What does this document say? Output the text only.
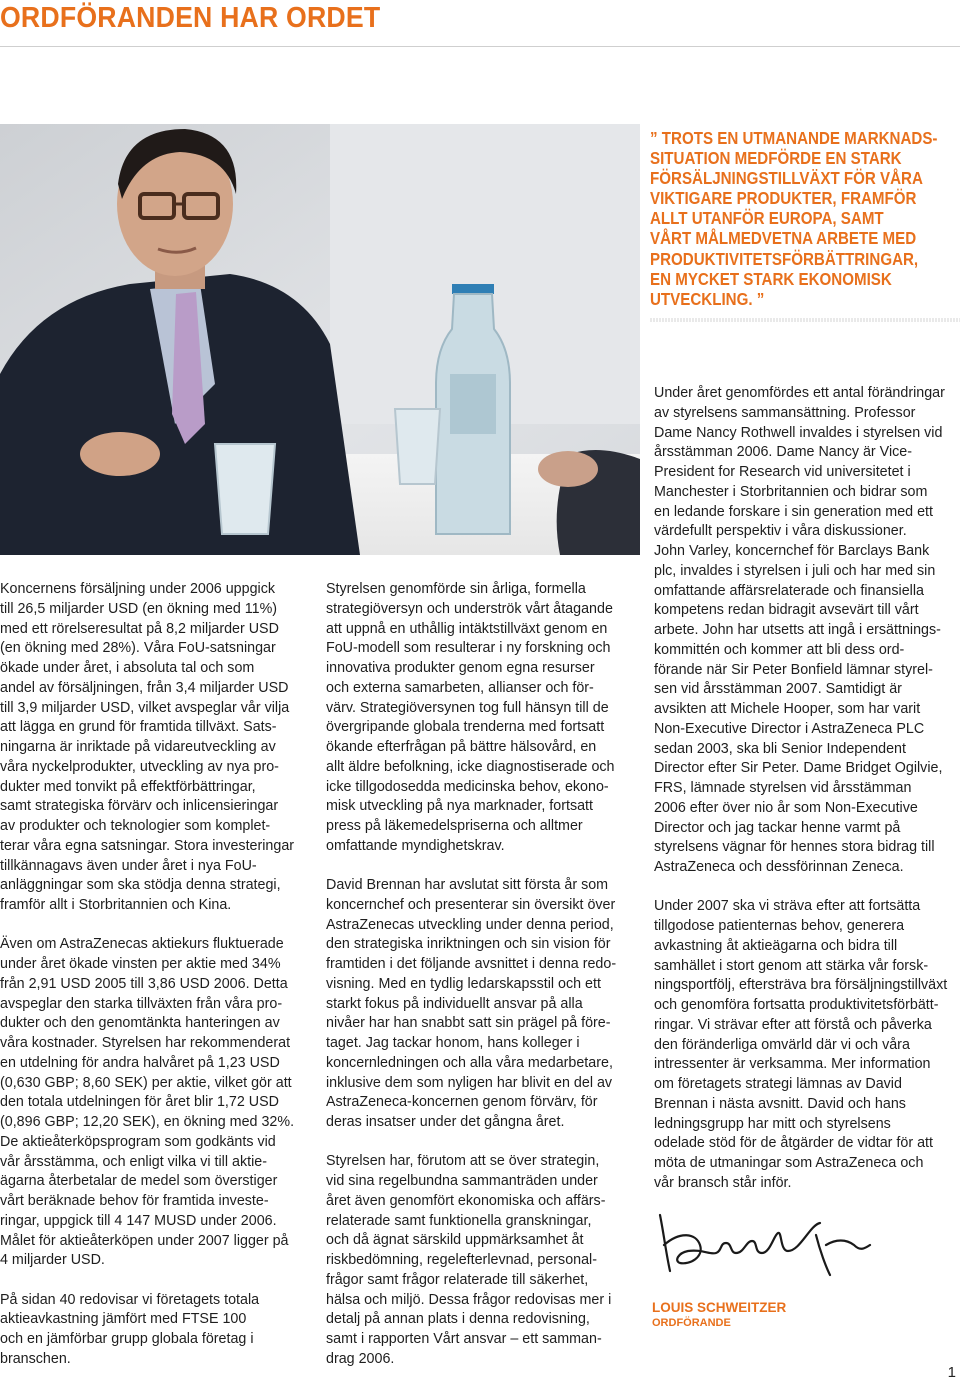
ORDFÖRANDEN HAR ORDET
” TROTS EN UTMANANDE MARKNADS-
SITUATION MEDFÖRDE EN STARK
FÖRSÄLJNINGSTILLVÄXT FÖR VÅRA
VIKTIGARE PRODUKTER, FRAMFÖR
ALLT UTANFÖR EUROPA, SAMT
VÅRT MÅLMEDVETNA ARBETE MED
PRODUKTIVITETSFÖRBÄTTRINGAR,
EN MYCKET STARK EKONOMISK
UTVECKLING. ”

Koncernens försäljning under 2006 uppgick
till 26,5 miljarder USD (en ökning med 11%)
med ett rörelseresultat på 8,2 miljarder USD
(en ökning med 28%). Våra FoU-satsningar
ökade under året, i absoluta tal och som
andel av försäljningen, från 3,4 miljarder USD
till 3,9 miljarder USD, vilket avspeglar vår vilja
att lägga en grund för framtida tillväxt. Sats-
ningarna är inriktade på vidareutveckling av
våra nyckelprodukter, utveckling av nya pro-
dukter med tonvikt på effektförbättringar,
samt strategiska förvärv och inlicensieringar
av produkter och teknologier som komplet-
terar våra egna satsningar. Stora investeringar
tillkännagavs även under året i nya FoU-
anläggningar som ska stödja denna strategi,
framför allt i Storbritannien och Kina.

Även om AstraZenecas aktiekurs fluktuerade
under året ökade vinsten per aktie med 34%
från 2,91 USD 2005 till 3,86 USD 2006. Detta
avspeglar den starka tillväxten från våra pro-
dukter och den genomtänkta hanteringen av
våra kostnader. Styrelsen har rekommenderat
en utdelning för andra halvåret på 1,23 USD
(0,630 GBP; 8,60 SEK) per aktie, vilket gör att
den totala utdelningen för året blir 1,72 USD
(0,896 GBP; 12,20 SEK), en ökning med 32%.
De aktieåterköpsprogram som godkänts vid
vår årsstämma, och enligt vilka vi till aktie-
ägarna återbetalar de medel som överstiger
vårt beräknade behov för framtida investe-
ringar, uppgick till 4 147 MUSD under 2006.
Målet för aktieåterköpen under 2007 ligger på
4 miljarder USD.

På sidan 40 redovisar vi företagets totala
aktieavkastning jämfört med FTSE 100
och en jämförbar grupp globala företag i
branschen.

Styrelsen genomförde sin årliga, formella
strategiöversyn och underströk vårt åtagande
att uppnå en uthållig intäktstillväxt genom en
FoU-modell som resulterar i ny forskning och
innovativa produkter genom egna resurser
och externa samarbeten, allianser och för-
värv. Strategiöversynen tog full hänsyn till de
övergripande globala trenderna med fortsatt
ökande efterfrågan på bättre hälsovård, en
allt äldre befolkning, icke diagnostiserade och
icke tillgodosedda medicinska behov, ekono-
misk utveckling på nya marknader, fortsatt
press på läkemedelspriserna och alltmer
omfattande myndighetskrav.

David Brennan har avslutat sitt första år som
koncernchef och presenterar sin översikt över
AstraZenecas utveckling under denna period,
den strategiska inriktningen och sin vision för
framtiden i det följande avsnittet i denna redo-
visning. Med en tydlig ledarskapsstil och ett
starkt fokus på individuellt ansvar på alla
nivåer har han snabbt satt sin prägel på före-
taget. Jag tackar honom, hans kolleger i
koncernledningen och alla våra medarbetare,
inklusive dem som nyligen har blivit en del av
AstraZeneca-koncernen genom förvärv, för
deras insatser under det gångna året.

Styrelsen har, förutom att se över strategin,
vid sina regelbundna sammanträden under
året även genomfört ekonomiska och affärs-
relaterade samt funktionella granskningar,
och då ägnat särskild uppmärksamhet åt
riskbedömning, regelefterlevnad, personal-
frågor samt frågor relaterade till säkerhet,
hälsa och miljö. Dessa frågor redovisas mer i
detalj på annan plats i denna redovisning,
samt i rapporten Vårt ansvar – ett samman-
drag 2006.

Under året genomfördes ett antal förändringar
av styrelsens sammansättning. Professor
Dame Nancy Rothwell invaldes i styrelsen vid
årsstämman 2006. Dame Nancy är Vice-
President for Research vid universitetet i
Manchester i Storbritannien och bidrar som
en ledande forskare i sin generation med ett
värdefullt perspektiv i våra diskussioner.
John Varley, koncernchef för Barclays Bank
plc, invaldes i styrelsen i juli och har med sin
omfattande affärsrelaterade och finansiella
kompetens redan bidragit avsevärt till vårt
arbete. John har utsetts att ingå i ersättnings-
kommittén och kommer att bli dess ord-
förande när Sir Peter Bonfield lämnar styrel-
sen vid årsstämman 2007. Samtidigt är
avsikten att Michele Hooper, som har varit
Non-Executive Director i AstraZeneca PLC
sedan 2003, ska bli Senior Independent
Director efter Sir Peter. Dame Bridget Ogilvie,
FRS, lämnade styrelsen vid årsstämman
2006 efter över nio år som Non-Executive
Director och jag tackar henne varmt på
styrelsens vägnar för hennes stora bidrag till
AstraZeneca och dessförinnan Zeneca.

Under 2007 ska vi sträva efter att fortsätta
tillgodose patienternas behov, generera
avkastning åt aktieägarna och bidra till
samhället i stort genom att stärka vår forsk-
ningsportfölj, eftersträva bra försäljningstillväxt
och genomföra fortsatta produktivitetsförbätt-
ringar. Vi strävar efter att förstå och påverka
den föränderliga omvärld där vi och våra
intressenter är verksamma. Mer information
om företagets strategi lämnas av David
Brennan i nästa avsnitt. David och hans
ledningsgrupp har mitt och styrelsens
odelade stöd för de åtgärder de vidtar för att
möta de utmaningar som AstraZeneca och
vår bransch står inför.

LOUIS SCHWEITZER
ORDFÖRANDE
1
